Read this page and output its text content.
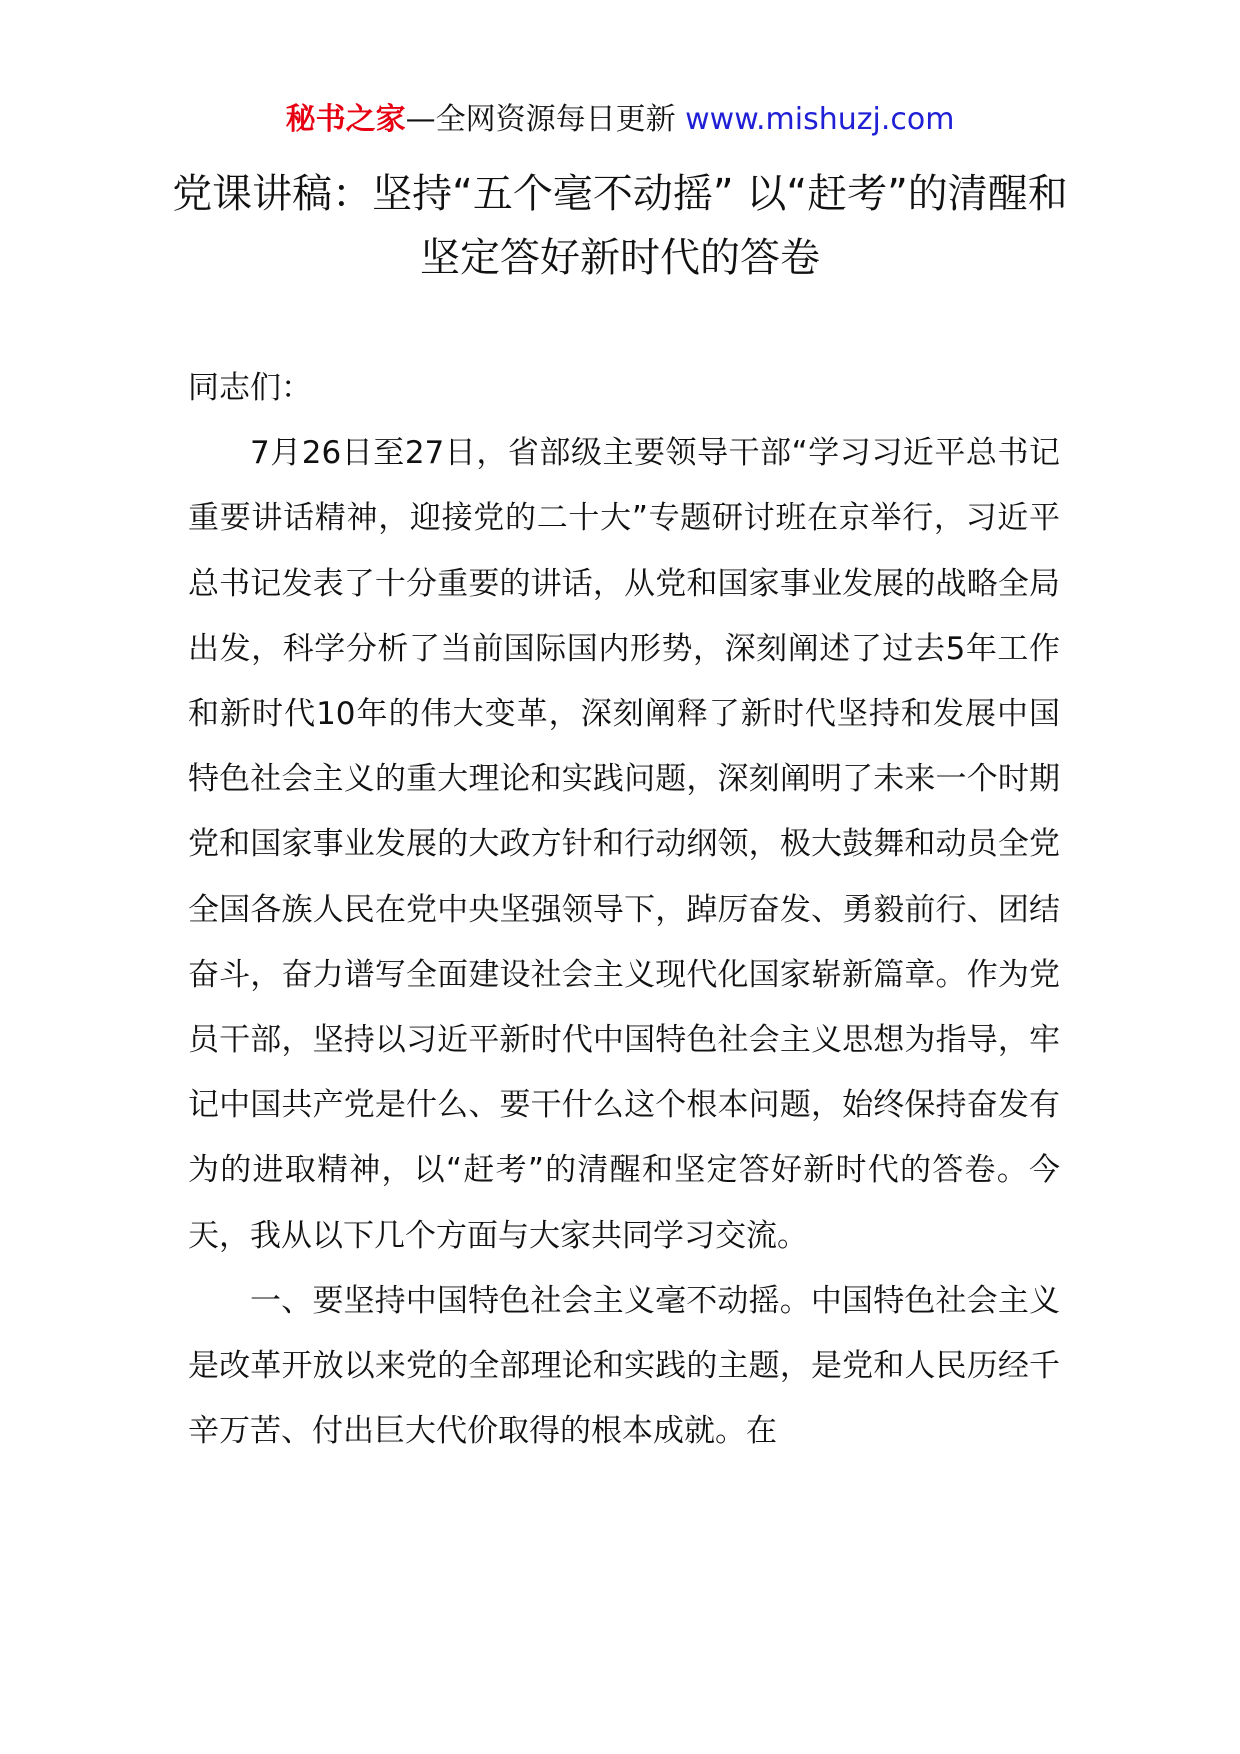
秘书之家—全网资源每日更新 www.mishuzj.com
党课讲稿：坚持“五个毫不动摇” 以“赶考”的清醒和坚定答好新时代的答卷

同志们：

7月26日至27日，省部级主要领导干部“学习习近平总书记重要讲话精神，迎接党的二十大”专题研讨班在京举行，习近平总书记发表了十分重要的讲话，从党和国家事业发展的战略全局出发，科学分析了当前国际国内形势，深刻阐述了过去5年工作和新时代10年的伟大变革，深刻阐释了新时代坚持和发展中国特色社会主义的重大理论和实践问题，深刻阐明了未来一个时期党和国家事业发展的大政方针和行动纲领，极大鼓舞和动员全党全国各族人民在党中央坚强领导下，踔厉奋发、勇毅前行、团结奋斗，奋力谱写全面建设社会主义现代化国家崭新篇章。作为党员干部，坚持以习近平新时代中国特色社会主义思想为指导，牢记中国共产党是什么、要干什么这个根本问题，始终保持奋发有为的进取精神，以“赶考”的清醒和坚定答好新时代的答卷。今天，我从以下几个方面与大家共同学习交流。

一、要坚持中国特色社会主义毫不动摇。中国特色社会主义是改革开放以来党的全部理论和实践的主题，是党和人民历经千辛万苦、付出巨大代价取得的根本成就。在
